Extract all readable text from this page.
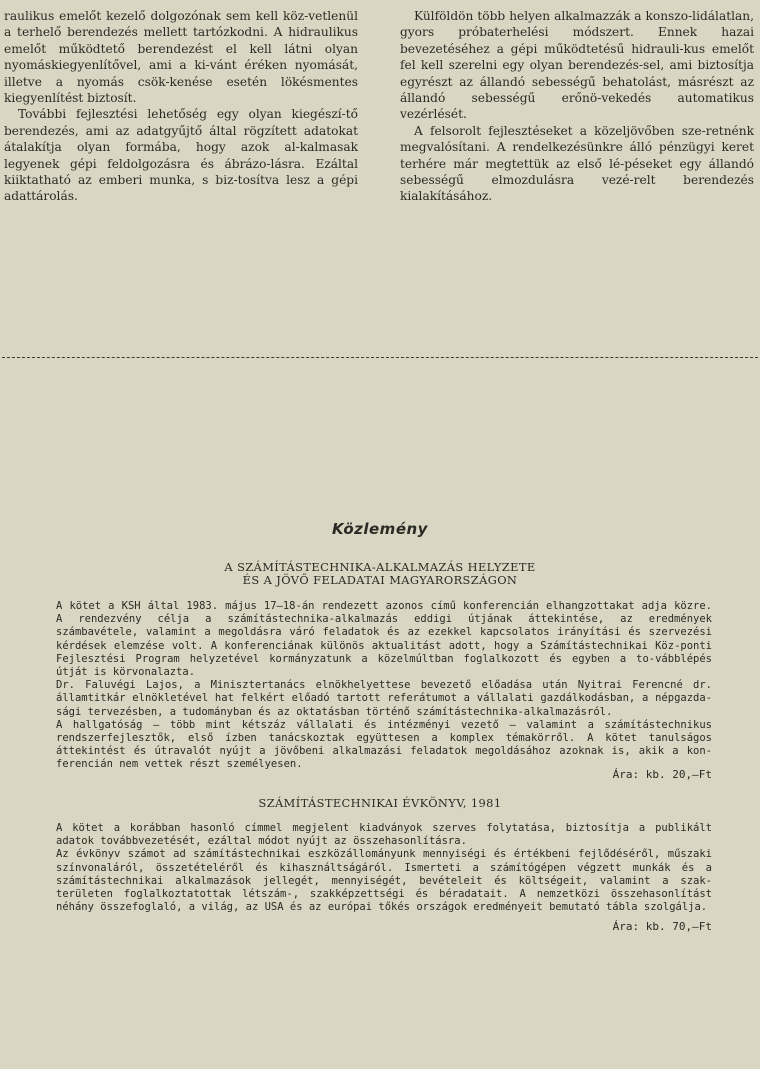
raulikus emelőt kezelő dolgozónak sem kell köz-vetlenül a terhelő berendezés mellett tartózkodni. A hidraulikus emelőt működtető berendezést el kell látni olyan nyomáskiegyenlítővel, ami a ki-vánt éréken nyomását, illetve a nyomás csök-kenése esetén lökésmentes kiegyenlítést biztosít.

További fejlesztési lehetőség egy olyan kiegészí-tő berendezés, ami az adatgyűjtő által rögzített adatokat átalakítja olyan formába, hogy azok al-kalmasak legyenek gépi feldolgozásra és ábrázo-lásra. Ezáltal kiiktatható az emberi munka, s biz-tosítva lesz a gépi adattárolás.

Külföldön több helyen alkalmazzák a konszo-lidálatlan, gyors próbaterhelési módszert. Ennek hazai bevezetéséhez a gépi működtetésű hidrauli-kus emelőt fel kell szerelni egy olyan berendezés-sel, ami biztosítja egyrészt az állandó sebességű behatolást, másrészt az állandó sebességű erőnö-vekedés automatikus vezérlését.

A felsorolt fejlesztéseket a közeljövőben sze-retnénk megvalósítani. A rendelkezésünkre álló pénzügyi keret terhére már megtettük az első lé-péseket egy állandó sebességű elmozdulásra vezé-relt berendezés kialakításához.

Közlemény
A SZÁMÍTÁSTECHNIKA-ALKALMAZÁS HELYZETE
ÉS A JÖVŐ FELADATAI MAGYARORSZÁGON

A kötet a KSH által 1983. május 17—18-án rendezett azonos című konferencián elhangzottakat adja közre. A rendezvény célja a számítástechnika-alkalmazás eddigi útjának áttekintése, az eredmények számbavétele, valamint a megoldásra váró feladatok és az ezekkel kapcsolatos irányítási és szervezési kérdések elemzése volt. A konferenciának különös aktualitást adott, hogy a Számítástechnikai Köz-ponti Fejlesztési Program helyzetével kormányzatunk a közelmúltban foglalkozott és egyben a to-vábblépés útját is körvonalazta.

Dr. Faluvégi Lajos, a Minisztertanács elnökhelyettese bevezető előadása után Nyitrai Ferencné dr. államtitkár elnökletével hat felkért előadó tartott referátumot a vállalati gazdálkodásban, a népgazda-sági tervezésben, a tudományban és az oktatásban történő számítástechnika-alkalmazásról.

A hallgatóság — több mint kétszáz vállalati és intézményi vezető — valamint a számítástechnikus rendszerfejlesztők, első ízben tanácskoztak együttesen a komplex témakörről. A kötet tanulságos áttekintést és útravalót nyújt a jövőbeni alkalmazási feladatok megoldásához azoknak is, akik a kon-ferencián nem vettek részt személyesen.

Ára: kb. 20,—Ft
SZÁMÍTÁSTECHNIKAI ÉVKÖNYV, 1981

A kötet a korábban hasonló címmel megjelent kiadványok szerves folytatása, biztosítja a publikált adatok továbbvezetését, ezáltal módot nyújt az összehasonlításra.

Az évkönyv számot ad számítástechnikai eszközállományunk mennyiségi és értékbeni fejlődéséről, műszaki színvonaláról, összetételéről és kihasználtságáról. Ismerteti a számítógépen végzett munkák és a számítástechnikai alkalmazások jellegét, mennyiségét, bevételeit és költségeit, valamint a szak-területen foglalkoztatottak létszám-, szakképzettségi és béradatait. A nemzetközi összehasonlítást néhány összefoglaló, a világ, az USA és az európai tőkés országok eredményeit bemutató tábla szolgálja.

Ára: kb. 70,—Ft
